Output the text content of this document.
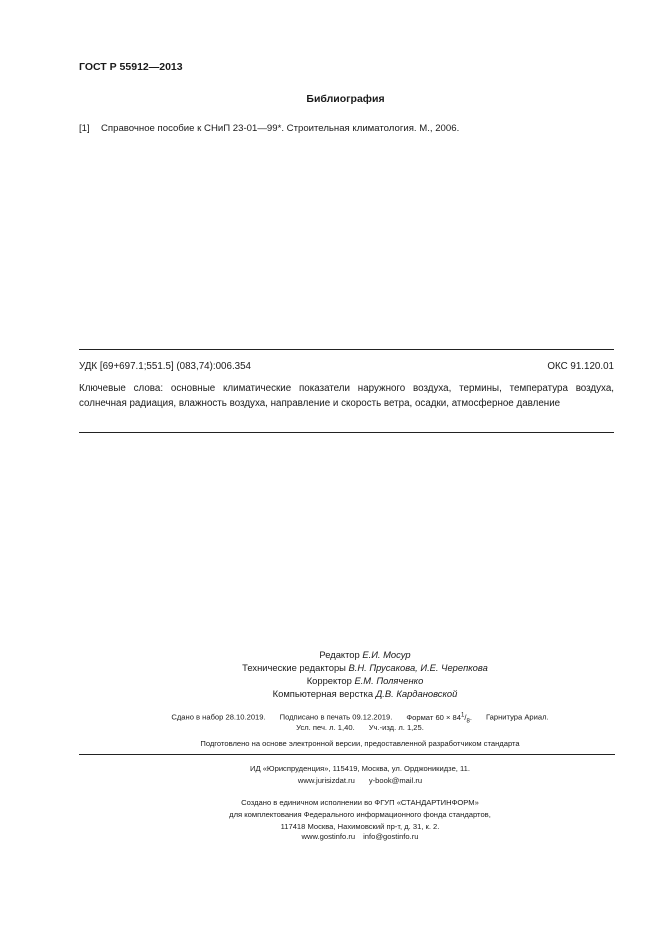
ГОСТ Р 55912—2013
Библиография
[1] Справочное пособие к СНиП 23-01—99*. Строительная климатология. М., 2006.
УДК [69+697.1;551.5] (083,74):006.354	ОКС 91.120.01
Ключевые слова: основные климатические показатели наружного воздуха, термины, температура воздуха, солнечная радиация, влажность воздуха, направление и скорость ветра, осадки, атмосферное давление
Редактор Е.И. Мосур
Технические редакторы В.Н. Прусакова, И.Е. Черепкова
Корректор Е.М. Поляченко
Компьютерная верстка Д.В. Кардановской
Сдано в набор 28.10.2019. Подписано в печать 09.12.2019. Формат $60 \times 84^1/_8$. Гарнитура Ариал.
Усл. печ. л. 1,40. Уч.-изд. л. 1,25.
Подготовлено на основе электронной версии, предоставленной разработчиком стандарта
ИД «Юриспруденция», 115419, Москва, ул. Орджоникидзе, 11.
www.jurisizdat.ru y-book@mail.ru
Создано в единичном исполнении во ФГУП «СТАНДАРТИНФОРМ»
для комплектования Федерального информационного фонда стандартов,
117418 Москва, Нахимовский пр-т, д. 31, к. 2.
www.gostinfo.ru info@gostinfo.ru
